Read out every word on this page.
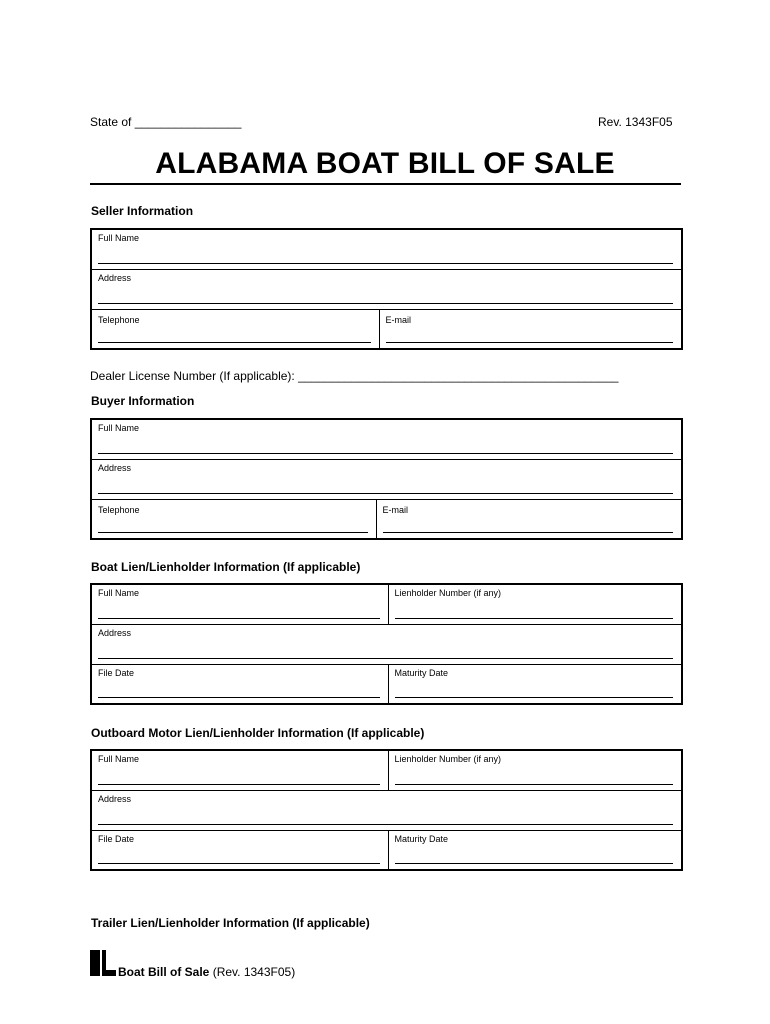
State of ________________	Rev. 1343F05
ALABAMA BOAT BILL OF SALE
Seller Information
Full Name

Address

Telephone	E-mail
Dealer License Number (If applicable): ________________________________________________
Buyer Information
Full Name

Address

Telephone	E-mail
Boat Lien/Lienholder Information (If applicable)
Full Name	Lienholder Number (if any)

Address	

File Date	Maturity Date
Outboard Motor Lien/Lienholder Information (If applicable)
Full Name	Lienholder Number (if any)

Address	

File Date	Maturity Date
Trailer Lien/Lienholder Information (If applicable)
Boat Bill of Sale (Rev. 1343F05)
